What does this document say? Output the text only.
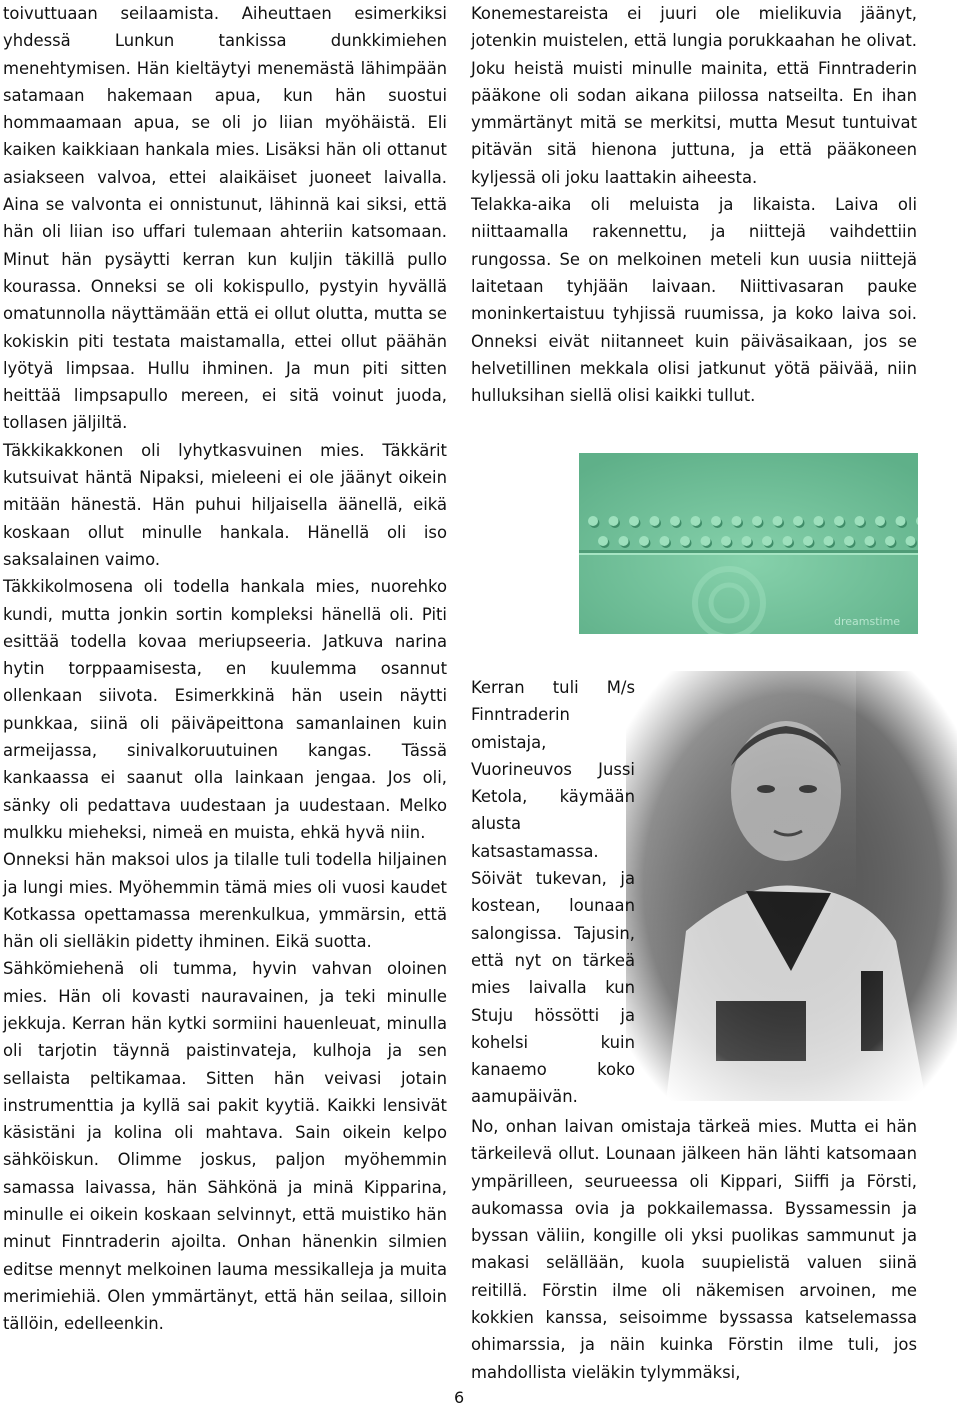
toivuttuaan seilaamista. Aiheuttaen esimerkiksi yhdessä Lunkun tankissa dunkkimiehen menehtymisen. Hän kieltäytyi menemästä lähimpään satamaan hakemaan apua, kun hän suostui hommaamaan apua, se oli jo liian myöhäistä. Eli kaiken kaikkiaan hankala mies. Lisäksi hän oli ottanut asiakseen valvoa, ettei alaikäiset juoneet laivalla. Aina se valvonta ei onnistunut, lähinnä kai siksi, että hän oli liian iso uffari tulemaan ahteriin katsomaan. Minut hän pysäytti kerran kun kuljin täkillä pullo kourassa. Onneksi se oli kokispullo, pystyin hyvällä omatunnolla näyttämään että ei ollut olutta, mutta se kokiskin piti testata maistamalla, ettei ollut päähän lyötyä limpsaa. Hullu ihminen. Ja mun piti sitten heittää limpsapullo mereen, ei sitä voinut juoda, tollasen jäljiltä.

Täkkikakkonen oli lyhytkasvuinen mies. Täkkärit kutsuivat häntä Nipaksi, mieleeni ei ole jäänyt oikein mitään hänestä. Hän puhui hiljaisella äänellä, eikä koskaan ollut minulle hankala. Hänellä oli iso saksalainen vaimo.

Täkkikolmosena oli todella hankala mies, nuorehko kundi, mutta jonkin sortin kompleksi hänellä oli. Piti esittää todella kovaa meriupseeria. Jatkuva narina hytin torppaamisesta, en kuulemma osannut ollenkaan siivota. Esimerkkinä hän usein näytti punkkaa, siinä oli päiväpeittona samanlainen kuin armeijassa, sinivalkoruutuinen kangas. Tässä kankaassa ei saanut olla lainkaan jengaa. Jos oli, sänky oli pedattava uudestaan ja uudestaan. Melko mulkku mieheksi, nimeä en muista, ehkä hyvä niin.

Onneksi hän maksoi ulos ja tilalle tuli todella hiljainen ja lungi mies. Myöhemmin tämä mies oli vuosi kaudet Kotkassa opettamassa merenkulkua, ymmärsin, että hän oli sielläkin pidetty ihminen. Eikä suotta.

Sähkömiehenä oli tumma, hyvin vahvan oloinen mies. Hän oli kovasti nauravainen, ja teki minulle jekkuja. Kerran hän kytki sormiini hauenleuat, minulla oli tarjotin täynnä paistinvateja, kulhoja ja sen sellaista peltikamaa. Sitten hän veivasi jotain instrumenttia ja kyllä sai pakit kyytiä. Kaikki lensivät käsistäni ja kolina oli mahtava. Sain oikein kelpo sähköiskun. Olimme joskus, paljon myöhemmin samassa laivassa, hän Sähkönä ja minä Kipparina, minulle ei oikein koskaan selvinnyt, että muistiko hän minut Finntraderin ajoilta. Onhan hänenkin silmien editse mennyt melkoinen lauma messikalleja ja muita merimiehiä. Olen ymmärtänyt, että hän seilaa, silloin tällöin, edelleenkin.

Konemestareista ei juuri ole mielikuvia jäänyt, jotenkin muistelen, että lungia porukkaahan he olivat. Joku heistä muisti minulle mainita, että Finntraderin pääkone oli sodan aikana piilossa natseilta. En ihan ymmärtänyt mitä se merkitsi, mutta Mesut tuntuivat pitävän sitä hienona juttuna, ja että pääkoneen kyljessä oli joku laattakin aiheesta.

Telakka-aika oli meluista ja likaista. Laiva oli niittaamalla rakennettu, ja niittejä vaihdettiin rungossa. Se on melkoinen meteli kun uusia niittejä laitetaan tyhjään laivaan. Niittivasaran pauke moninkertaistuu tyhjissä ruumissa, ja koko laiva soi. Onneksi eivät niitanneet kuin päiväsaikaan, jos se helvetillinen mekkala olisi jatkunut yötä päivää, niin hulluksihan siellä olisi kaikki tullut.

dreamstime

Kerran tuli M/s Finntraderin omistaja, Vuorineuvos Jussi Ketola, käymään alusta katsastamassa. Söivät tukevan, ja kostean, lounaan salongissa. Tajusin, että nyt on tärkeä mies laivalla kun Stuju hössötti ja kohelsi kuin kanaemo koko aamupäivän.

No, onhan laivan omistaja tärkeä mies. Mutta ei hän tärkeilevä ollut. Lounaan jälkeen hän lähti katsomaan ympärilleen, seurueessa oli Kippari, Siiffi ja Försti, aukomassa ovia ja pokkailemassa. Byssamessin ja byssan väliin, kongille oli yksi puolikas sammunut ja makasi selällään, kuola suupielistä valuen siinä reitillä. Förstin ilme oli näkemisen arvoinen, me kokkien kanssa, seisoimme byssassa katselemassa ohimarssia, ja näin kuinka Förstin ilme tuli, jos mahdollista vieläkin tylymmäksi,

6
